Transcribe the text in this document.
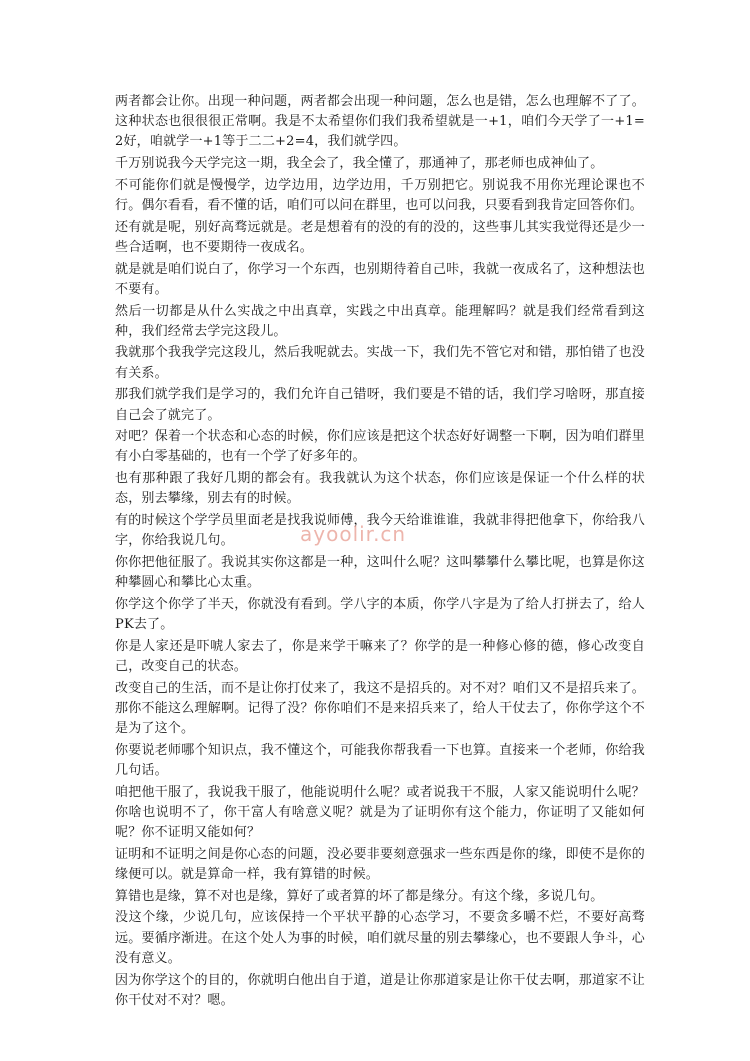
两者都会让你。出现一种问题，两者都会出现一种问题，怎么也是错，怎么也理解不了了。这种状态也很很很正常啊。我是不太希望你们我们我希望就是一+1，咱们今天学了一+1=2好，咱就学一+1等于二二+2=4，我们就学四。

千万别说我今天学完这一期，我全会了，我全懂了，那通神了，那老师也成神仙了。

不可能你们就是慢慢学，边学边用，边学边用，千万别把它。别说我不用你光理论课也不行。偶尔看看，看不懂的话，咱们可以问在群里，也可以问我，只要看到我肯定回答你们。

还有就是呢，别好高骛远就是。老是想着有的没的有的没的，这些事儿其实我觉得还是少一些合适啊，也不要期待一夜成名。

就是就是咱们说白了，你学习一个东西，也别期待着自己咔，我就一夜成名了，这种想法也不要有。

然后一切都是从什么实战之中出真章，实践之中出真章。能理解吗？就是我们经常看到这种，我们经常去学完这段儿。

我就那个我我学完这段儿，然后我呢就去。实战一下，我们先不管它对和错，那怕错了也没有关系。

那我们就学我们是学习的，我们允许自己错呀，我们要是不错的话，我们学习啥呀，那直接自己会了就完了。

对吧？保着一个状态和心态的时候，你们应该是把这个状态好好调整一下啊，因为咱们群里有小白零基础的，也有一个学了好多年的。

也有那种跟了我好几期的都会有。我我就认为这个状态，你们应该是保证一个什么样的状态，别去攀缘，别去有的时候。

有的时候这个学学员里面老是找我说师傅，我今天给谁谁谁，我就非得把他拿下，你给我八字，你给我说几句。

你你把他征服了。我说其实你这都是一种，这叫什么呢？这叫攀攀什么攀比呢，也算是你这种攀圆心和攀比心太重。

你学这个你学了半天，你就没有看到。学八字的本质，你学八字是为了给人打拼去了，给人PK去了。

你是人家还是吓唬人家去了，你是来学干嘛来了？你学的是一种修心修的德，修心改变自己，改变自己的状态。

改变自己的生活，而不是让你打仗来了，我这不是招兵的。对不对？咱们又不是招兵来了。那你不能这么理解啊。记得了没？你你咱们不是来招兵来了，给人干仗去了，你你学这个不是为了这个。

你要说老师哪个知识点，我不懂这个，可能我你帮我看一下也算。直接来一个老师，你给我几句话。

咱把他干服了，我说我干服了，他能说明什么呢？或者说我干不服，人家又能说明什么呢？你啥也说明不了，你干富人有啥意义呢？就是为了证明你有这个能力，你证明了又能如何呢？你不证明又能如何？

证明和不证明之间是你心态的问题，没必要非要刻意强求一些东西是你的缘，即使不是你的缘便可以。就是算命一样，我有算错的时候。

算错也是缘，算不对也是缘，算好了或者算的坏了都是缘分。有这个缘，多说几句。

没这个缘，少说几句，应该保持一个平状平静的心态学习，不要贪多嚼不烂，不要好高骛远。要循序渐进。在这个处人为事的时候，咱们就尽量的别去攀缘心，也不要跟人争斗，心没有意义。

因为你学这个的目的，你就明白他出自于道，道是让你那道家是让你干仗去啊，那道家不让你干仗对不对？嗯。

ayoolir.cn
